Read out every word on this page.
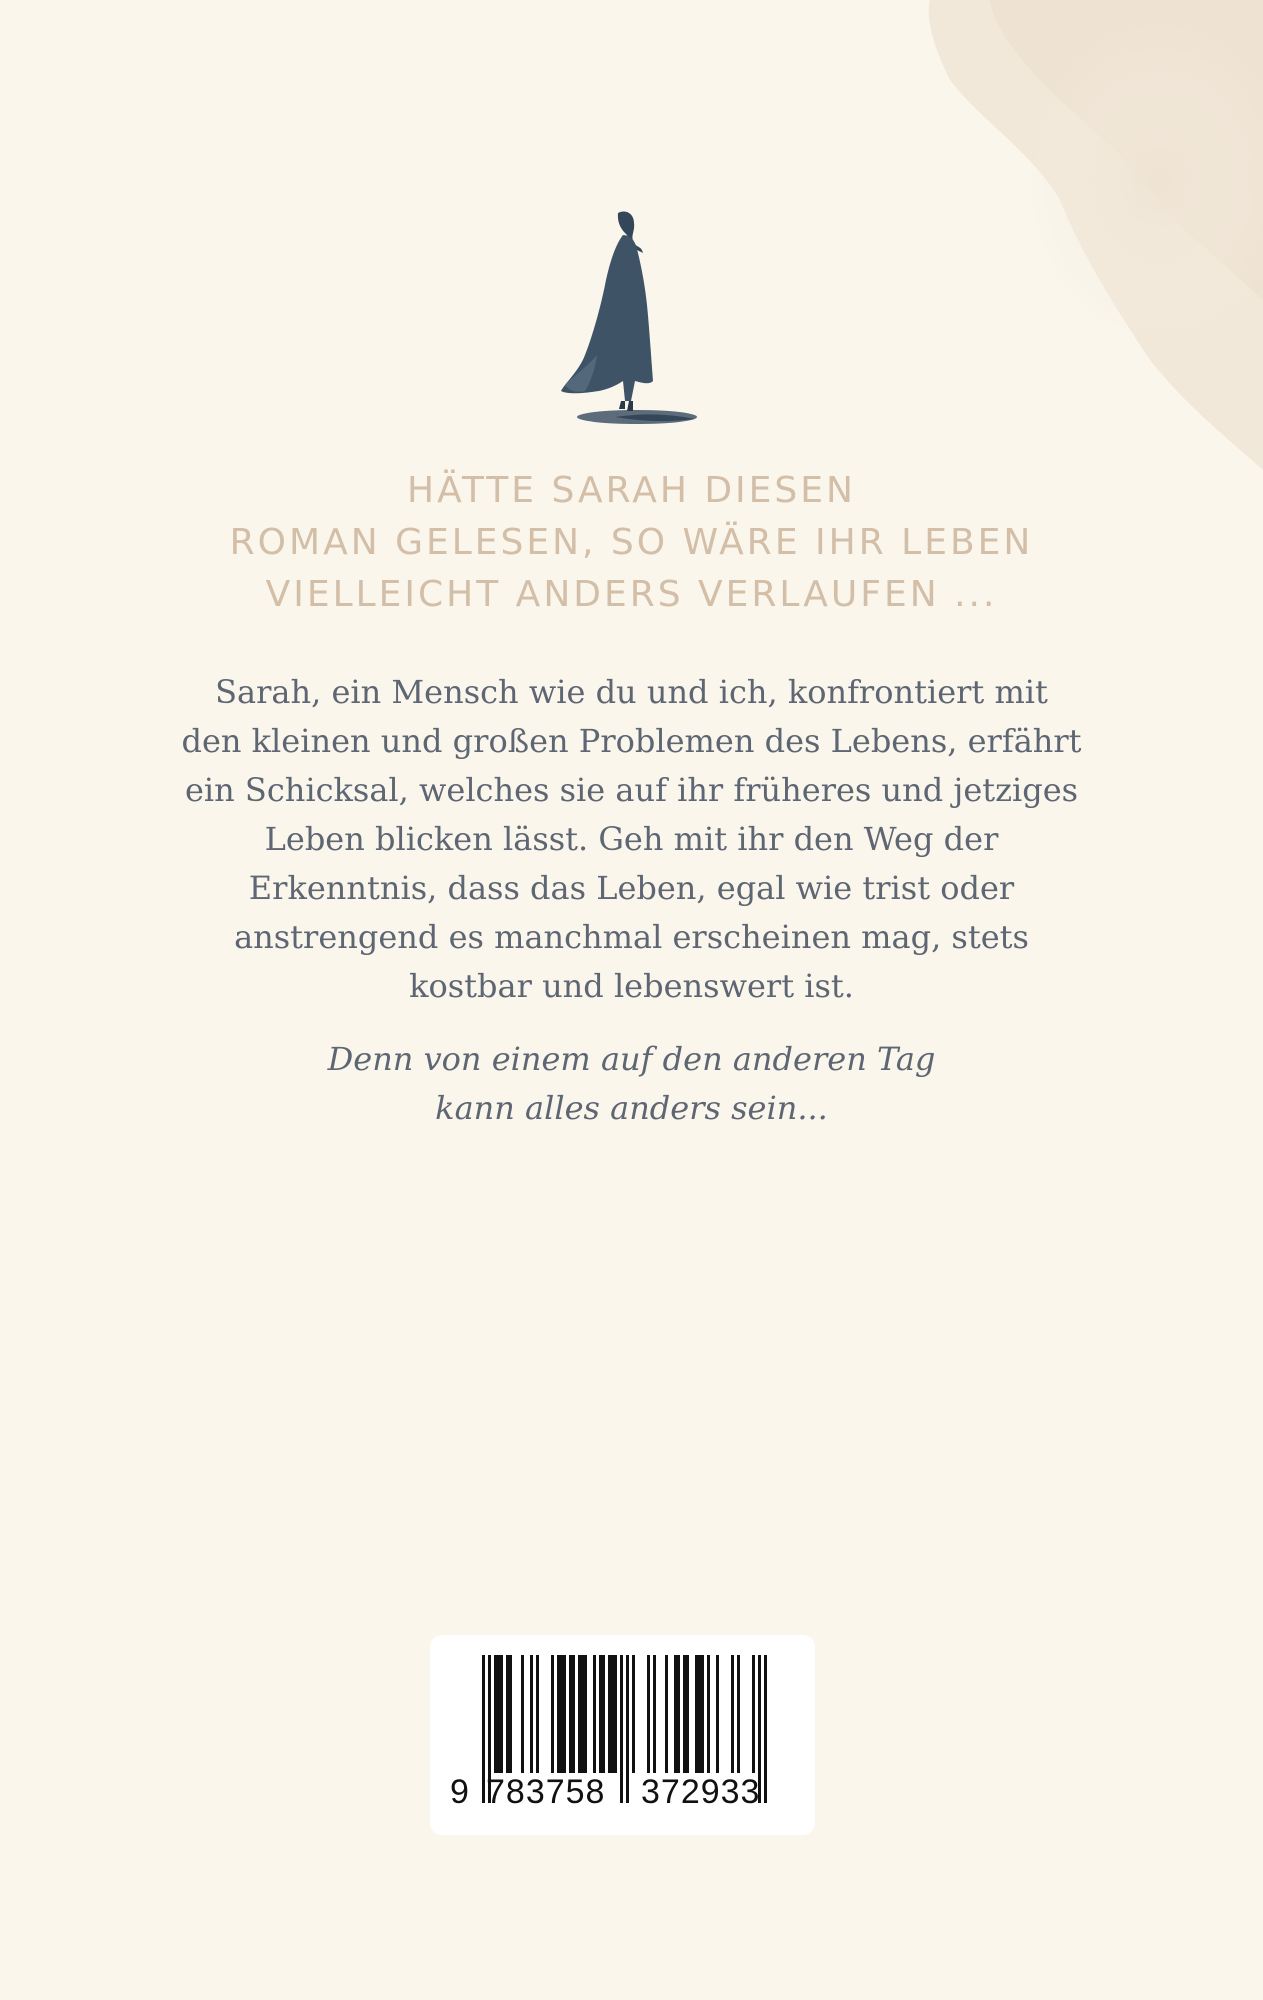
HÄTTE SARAH DIESEN
ROMAN GELESEN, SO WÄRE IHR LEBEN
VIELLEICHT ANDERS VERLAUFEN ...
Sarah, ein Mensch wie du und ich, konfrontiert mit
den kleinen und großen Problemen des Lebens, erfährt
ein Schicksal, welches sie auf ihr früheres und jetziges
Leben blicken lässt. Geh mit ihr den Weg der
Erkenntnis, dass das Leben, egal wie trist oder
anstrengend es manchmal erscheinen mag, stets
kostbar und lebenswert ist.
Denn von einem auf den anderen Tag
kann alles anders sein...
9 783758 372933
